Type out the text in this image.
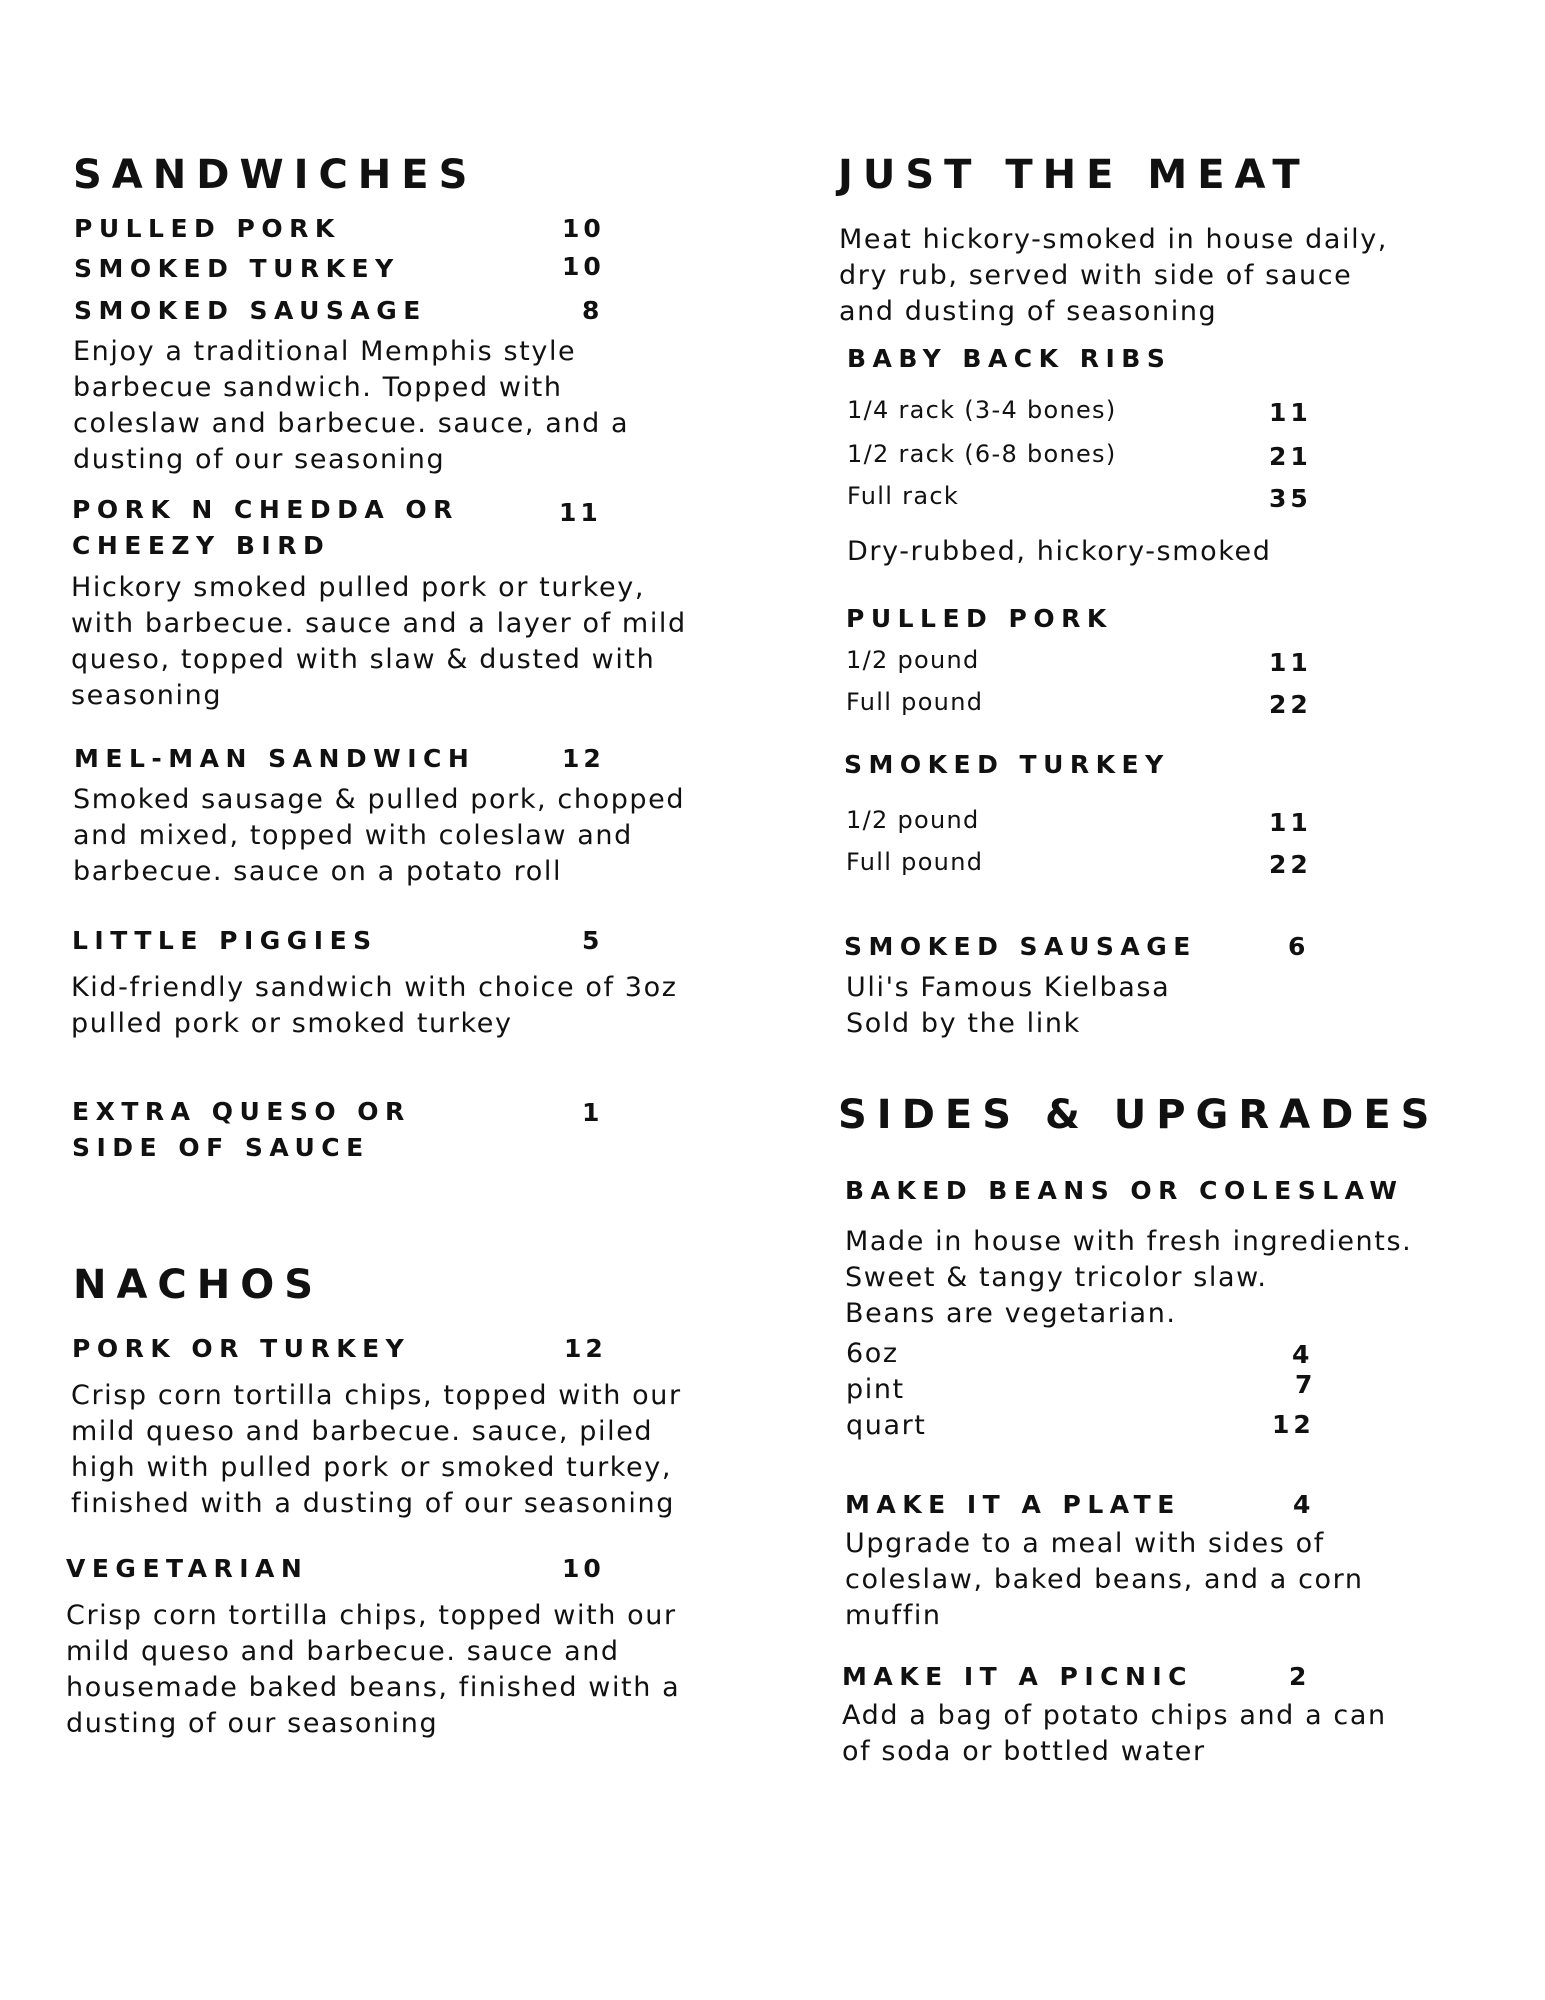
SANDWICHES
PULLED PORK	10
SMOKED TURKEY	10
SMOKED SAUSAGE	8
Enjoy a traditional Memphis style
barbecue sandwich. Topped with
coleslaw and barbecue. sauce, and a
dusting of our seasoning
PORK N CHEDDA OR
CHEEZY BIRD
11
Hickory smoked pulled pork or turkey,
with barbecue. sauce and a layer of mild
queso, topped with slaw & dusted with
seasoning
MEL-MAN SANDWICH	12
Smoked sausage & pulled pork, chopped
and mixed, topped with coleslaw and
barbecue. sauce on a potato roll
LITTLE PIGGIES	5
Kid-friendly sandwich with choice of 3oz
pulled pork or smoked turkey
EXTRA QUESO OR
SIDE OF SAUCE
1
NACHOS
PORK OR TURKEY	12
Crisp corn tortilla chips, topped with our
mild queso and barbecue. sauce, piled
high with pulled pork or smoked turkey,
finished with a dusting of our seasoning
VEGETARIAN	10
Crisp corn tortilla chips, topped with our
mild queso and barbecue. sauce and
housemade baked beans, finished with a
dusting of our seasoning
JUST THE MEAT
Meat hickory-smoked in house daily,
dry rub, served with side of sauce
and dusting of seasoning
BABY BACK RIBS
1/4 rack (3-4 bones)	11
1/2 rack (6-8 bones)	21
Full rack	35
Dry-rubbed, hickory-smoked
PULLED PORK
1/2 pound	11
Full pound	22
SMOKED TURKEY
1/2 pound	11
Full pound	22
SMOKED SAUSAGE	6
Uli's Famous Kielbasa
Sold by the link
SIDES & UPGRADES
BAKED BEANS OR COLESLAW
Made in house with fresh ingredients.
Sweet & tangy tricolor slaw.
Beans are vegetarian.
6oz	4
pint	7
quart	12
MAKE IT A PLATE	4
Upgrade to a meal with sides of
coleslaw, baked beans, and a corn
muffin
MAKE IT A PICNIC	2
Add a bag of potato chips and a can
of soda or bottled water
